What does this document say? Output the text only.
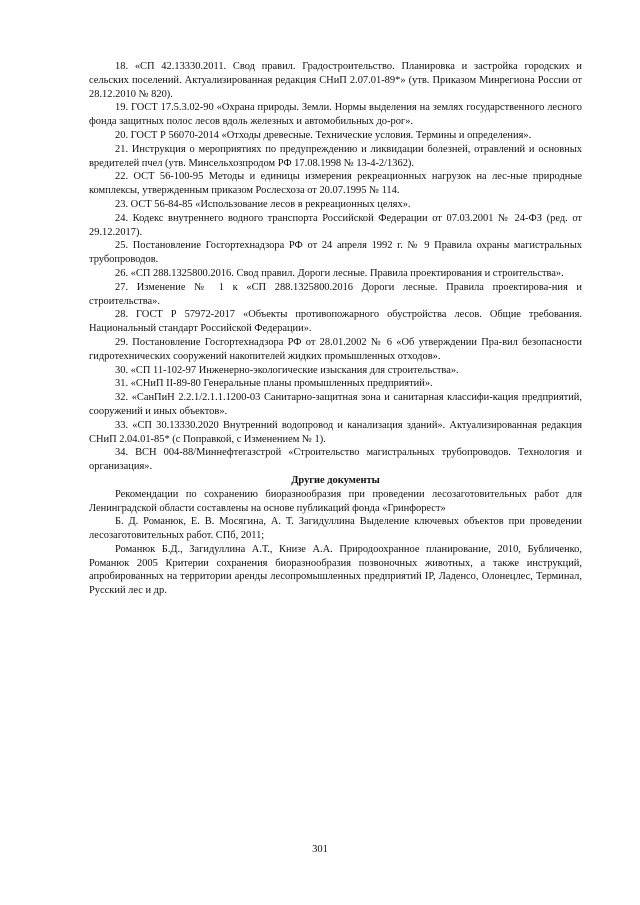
18. «СП 42.13330.2011. Свод правил. Градостроительство. Планировка и застройка городских и сельских поселений. Актуализированная редакция СНиП 2.07.01-89*» (утв. Приказом Минрегиона России от 28.12.2010 № 820).

19. ГОСТ 17.5.3.02-90 «Охрана природы. Земли. Нормы выделения на землях государственного лесного фонда защитных полос лесов вдоль железных и автомобильных до-рог».

20. ГОСТ Р 56070-2014 «Отходы древесные. Технические условия. Термины и определения».

21. Инструкция о мероприятиях по предупреждению и ликвидации болезней, отравлений и основных вредителей пчел (утв. Минсельхозпродом РФ 17.08.1998 № 13-4-2/1362).

22. ОСТ 56-100-95 Методы и единицы измерения рекреационных нагрузок на лес-ные природные комплексы, утвержденным приказом Рослесхоза от 20.07.1995 № 114.

23. ОСТ 56-84-85 «Использование лесов в рекреационных целях».

24. Кодекс внутреннего водного транспорта Российской Федерации от 07.03.2001 № 24-ФЗ (ред. от 29.12.2017).

25. Постановление Госгортехнадзора РФ от 24 апреля 1992 г. № 9 Правила охраны магистральных трубопроводов.

26. «СП 288.1325800.2016. Свод правил. Дороги лесные. Правила проектирования и строительства».

27. Изменение № 1 к «СП 288.1325800.2016 Дороги лесные. Правила проектирова-ния и строительства».

28. ГОСТ Р 57972-2017 «Объекты противопожарного обустройства лесов. Общие требования. Национальный стандарт Российской Федерации».

29. Постановление Госгортехнадзора РФ от 28.01.2002 № 6 «Об утверждении Пра-вил безопасности гидротехнических сооружений накопителей жидких промышленных отходов».

30. «СП 11-102-97 Инженерно-экологические изыскания для строительства».

31. «СНиП II-89-80 Генеральные планы промышленных предприятий».

32. «СанПиН 2.2.1/2.1.1.1200-03 Санитарно-защитная зона и санитарная классифи-кация предприятий, сооружений и иных объектов».

33. «СП 30.13330.2020 Внутренний водопровод и канализация зданий». Актуализированная редакция СНиП 2.04.01-85* (с Поправкой, с Изменением № 1).

34. ВСН 004-88/Миннефтегазстрой «Строительство магистральных трубопроводов. Технология и организация».

Другие документы

Рекомендации по сохранению биоразнообразия при проведении лесозаготовительных работ для Ленинградской области составлены на основе публикаций фонда «Гринфорест»

Б. Д. Романюк, Е. В. Мосягина, А. Т. Загидуллина Выделение ключевых объектов при проведении лесозаготовительных работ. СПб, 2011;

Романюк Б.Д., Загидуллина А.Т., Книзе А.А. Природоохранное планирование, 2010, Бубличенко, Романюк 2005 Критерии сохранения биоразнообразия позвоночных животных, а также инструкций, апробированных на территории аренды лесопромышленных предприятий IP, Ладенсо, Олонецлес, Терминал, Русский лес и др.

301
